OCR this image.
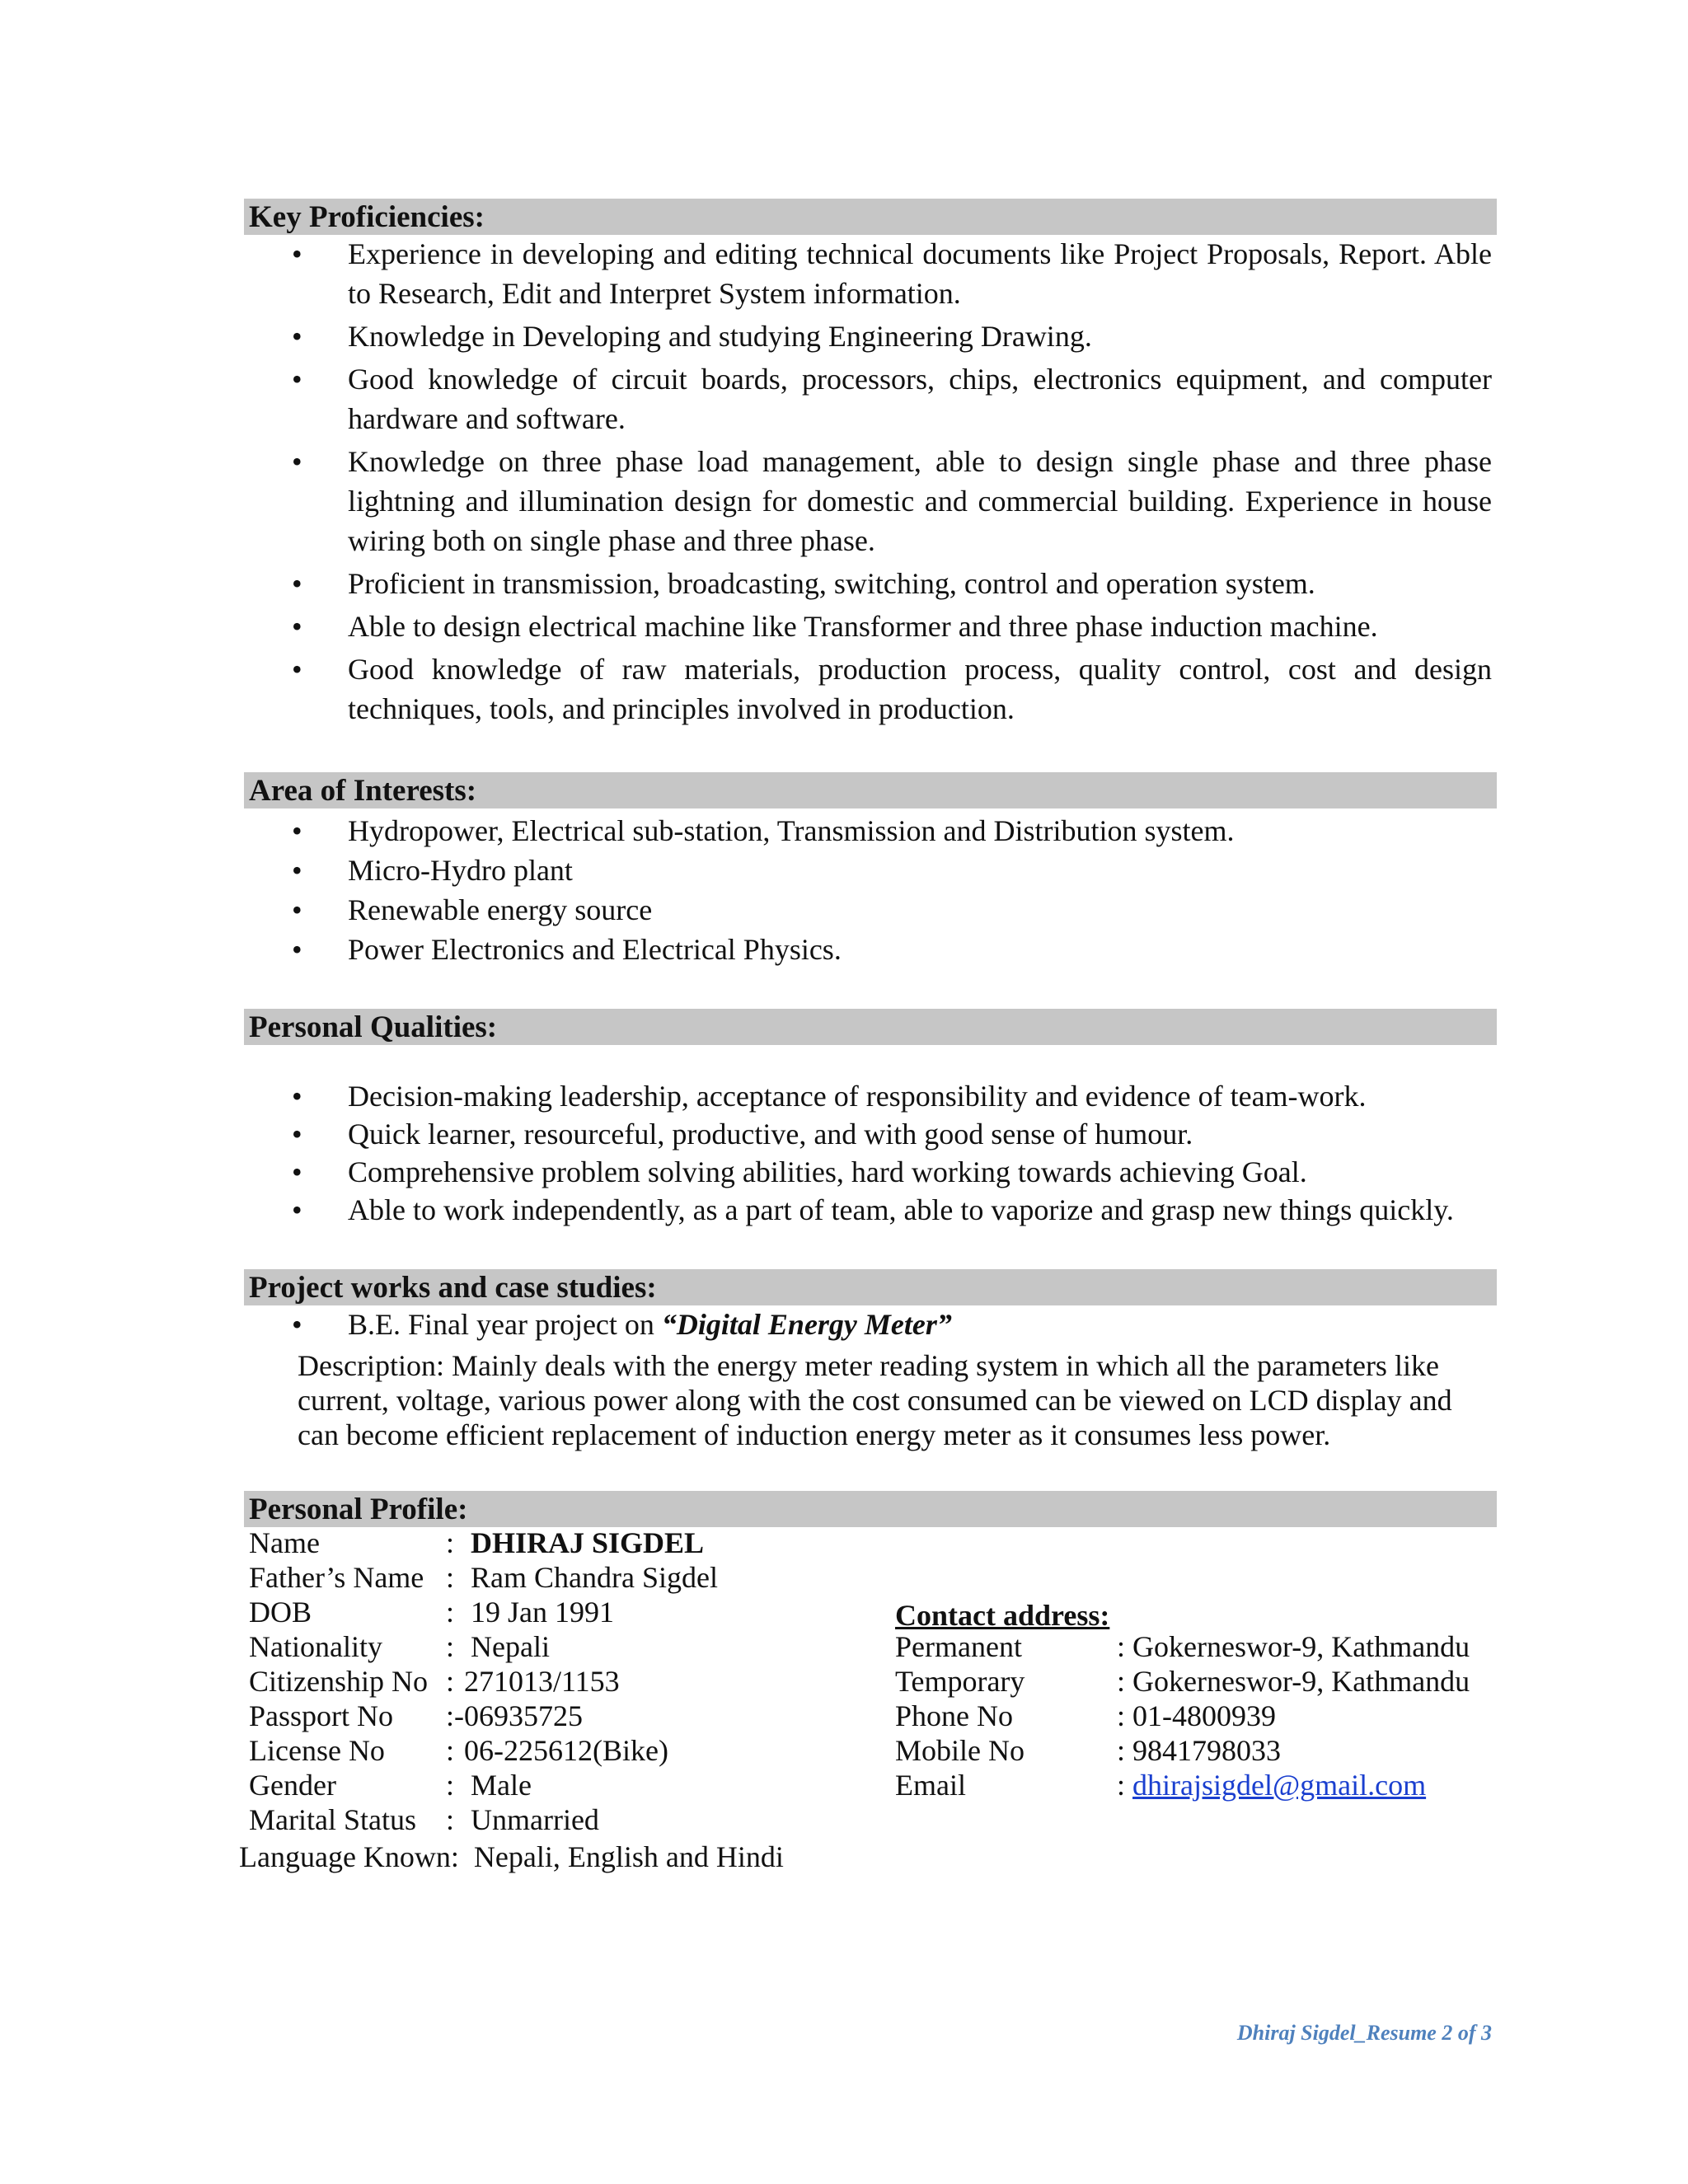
Key Proficiencies:
• Experience in developing and editing technical documents like Project Proposals, Report. Able to Research, Edit and Interpret System information.
• Knowledge in Developing and studying Engineering Drawing.
• Good knowledge of circuit boards, processors, chips, electronics equipment, and computer hardware and software.
• Knowledge on three phase load management, able to design single phase and three phase lightning and illumination design for domestic and commercial building. Experience in house wiring both on single phase and three phase.
• Proficient in transmission, broadcasting, switching, control and operation system.
• Able to design electrical machine like Transformer and three phase induction machine.
• Good knowledge of raw materials, production process, quality control, cost and design techniques, tools, and principles involved in production.
Area of Interests:
• Hydropower, Electrical sub-station, Transmission and Distribution system.
• Micro-Hydro plant
• Renewable energy source
• Power Electronics and Electrical Physics.
Personal Qualities:
• Decision-making leadership, acceptance of responsibility and evidence of team-work.
• Quick learner, resourceful, productive, and with good sense of humour.
• Comprehensive problem solving abilities, hard working towards achieving Goal.
• Able to work independently, as a part of team, able to vaporize and grasp new things quickly.
Project works and case studies:
• B.E. Final year project on “Digital Energy Meter”
Description: Mainly deals with the energy meter reading system in which all the parameters like current, voltage, various power along with the cost consumed can be viewed on LCD display and can become efficient replacement of induction energy meter as it consumes less power.
Personal Profile:
Name	: DHIRAJ SIGDEL
Father’s Name : Ram Chandra Sigdel
DOB	: 19 Jan 1991
Nationality : Nepali
Citizenship No : 271013/1153
Passport No : -06935725
License No : 06-225612(Bike)
Gender	: Male
Marital Status : Unmarried
Language Known:  Nepali, English and Hindi
Contact address:
Permanent	: Gokerneswor-9, Kathmandu
Temporary	: Gokerneswor-9, Kathmandu
Phone No	: 01-4800939
Mobile No	: 9841798033
Email	: dhirajsigdel@gmail.com
Dhiraj Sigdel_Resume 2 of 3
